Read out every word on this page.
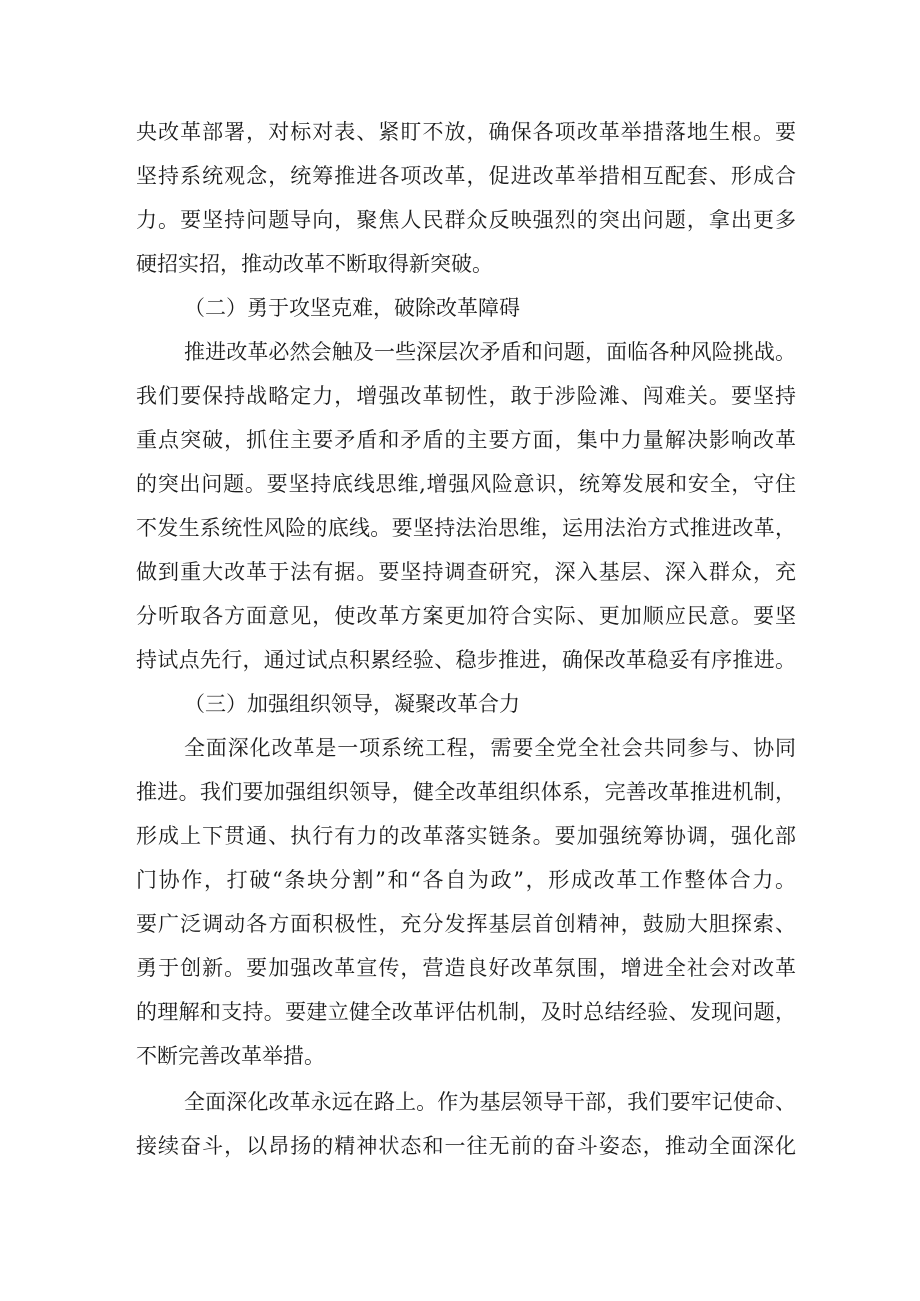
央改革部署，对标对表、紧盯不放，确保各项改革举措落地生根。要
坚持系统观念，统筹推进各项改革，促进改革举措相互配套、形成合
力。要坚持问题导向，聚焦人民群众反映强烈的突出问题，拿出更多
硬招实招，推动改革不断取得新突破。
（二）勇于攻坚克难，破除改革障碍
推进改革必然会触及一些深层次矛盾和问题，面临各种风险挑战。
我们要保持战略定力，增强改革韧性，敢于涉险滩、闯难关。要坚持
重点突破，抓住主要矛盾和矛盾的主要方面，集中力量解决影响改革
的突出问题。要坚持底线思维,增强风险意识，统筹发展和安全，守住
不发生系统性风险的底线。要坚持法治思维，运用法治方式推进改革，
做到重大改革于法有据。要坚持调查研究，深入基层、深入群众，充
分听取各方面意见，使改革方案更加符合实际、更加顺应民意。要坚
持试点先行，通过试点积累经验、稳步推进，确保改革稳妥有序推进。
（三）加强组织领导，凝聚改革合力
全面深化改革是一项系统工程，需要全党全社会共同参与、协同
推进。我们要加强组织领导，健全改革组织体系，完善改革推进机制，
形成上下贯通、执行有力的改革落实链条。要加强统筹协调，强化部
门协作，打破“条块分割”和“各自为政”，形成改革工作整体合力。
要广泛调动各方面积极性，充分发挥基层首创精神，鼓励大胆探索、
勇于创新。要加强改革宣传，营造良好改革氛围，增进全社会对改革
的理解和支持。要建立健全改革评估机制，及时总结经验、发现问题，
不断完善改革举措。
全面深化改革永远在路上。作为基层领导干部，我们要牢记使命、
接续奋斗，以昂扬的精神状态和一往无前的奋斗姿态，推动全面深化
